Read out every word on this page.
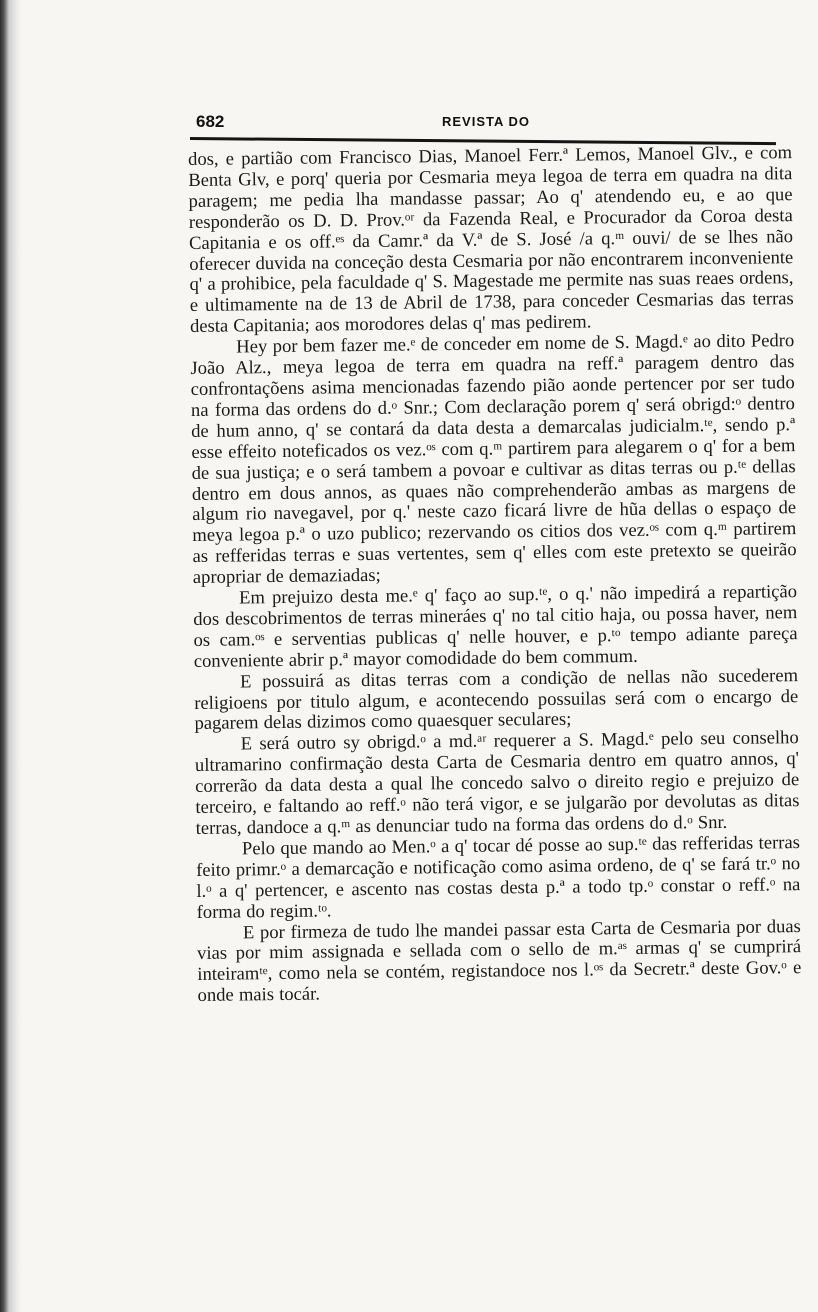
682	REVISTA DO

dos, e partião com Francisco Dias, Manoel Ferr.ª Lemos, Manoel Glv., e com Benta Glv, e porq' queria por Cesmaria meya legoa de terra em quadra na dita paragem; me pedia lha mandasse passar; Ao q' atendendo eu, e ao que responderão os D. D. Prov.ᵒʳ da Fazenda Real, e Procurador da Coroa desta Capitania e os off.ᵉˢ da Camr.ª da V.ª de S. José /a q.ᵐ ouvi/ de se lhes não oferecer duvida na conceção desta Cesmaria por não encontrarem inconveniente q' a prohibice, pela faculdade q' S. Magestade me permite nas suas reaes ordens, e ultimamente na de 13 de Abril de 1738, para conceder Cesmarias das terras desta Capitania; aos morodores delas q' mas pedirem.

Hey por bem fazer me.ᵉ de conceder em nome de S. Magd.ᵉ ao dito Pedro João Alz., meya legoa de terra em quadra na reff.ª paragem dentro das confrontaçõens asima mencionadas fazendo pião aonde pertencer por ser tudo na forma das ordens do d.ᵒ Snr.; Com declaração porem q' será obrigd:ᵒ dentro de hum anno, q' se contará da data desta a demarcalas judicialm.ᵗᵉ, sendo p.ª esse effeito noteficados os vez.ᵒˢ com q.ᵐ partirem para alegarem o q' for a bem de sua justiça; e o será tambem a povoar e cultivar as ditas terras ou p.ᵗᵉ dellas dentro em dous annos, as quaes não comprehenderão ambas as margens de algum rio navegavel, por q.' neste cazo ficará livre de hũa dellas o espaço de meya legoa p.ª o uzo publico; rezervando os citios dos vez.ᵒˢ com q.ᵐ partirem as refferidas terras e suas vertentes, sem q' elles com este pretexto se queirão apropriar de demaziadas;

Em prejuizo desta me.ᵉ q' faço ao sup.ᵗᵉ, o q.' não impedirá a repartição dos descobrimentos de terras mineráes q' no tal citio haja, ou possa haver, nem os cam.ᵒˢ e serventias publicas q' nelle houver, e p.ᵗᵒ tempo adiante pareça conveniente abrir p.ª mayor comodidade do bem commum.

E possuirá as ditas terras com a condição de nellas não sucederem religioens por titulo algum, e acontecendo possuilas será com o encargo de pagarem delas dizimos como quaesquer seculares;

E será outro sy obrigd.ᵒ a md.ᵃʳ requerer a S. Magd.ᵉ pelo seu conselho ultramarino confirmação desta Carta de Cesmaria dentro em quatro annos, q' correrão da data desta a qual lhe concedo salvo o direito regio e prejuizo de terceiro, e faltando ao reff.ᵒ não terá vigor, e se julgarão por devolutas as ditas terras, dandoce a q.ᵐ as denunciar tudo na forma das ordens do d.ᵒ Snr.

Pelo que mando ao Men.ᵒ a q' tocar dé posse ao sup.ᵗᵉ das refferidas terras feito primr.ᵒ a demarcação e notificação como asima ordeno, de q' se fará tr.ᵒ no l.ᵒ a q' pertencer, e ascento nas costas desta p.ª a todo tp.ᵒ constar o reff.ᵒ na forma do regim.ᵗᵒ.

E por firmeza de tudo lhe mandei passar esta Carta de Cesmaria por duas vias por mim assignada e sellada com o sello de m.ᵃˢ armas q' se cumprirá inteiramᵗᵉ, como nela se contém, registandoce nos l.ᵒˢ da Secretr.ª deste Gov.ᵒ e onde mais tocár.
